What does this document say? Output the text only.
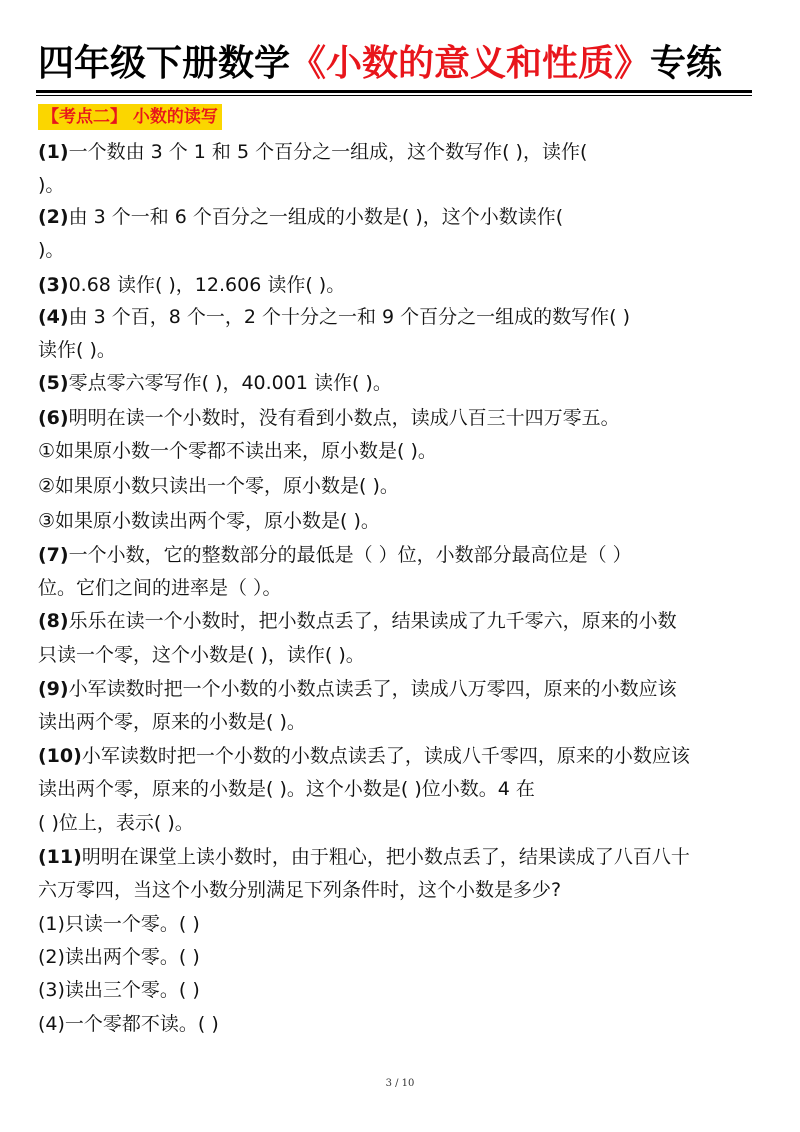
四年级下册数学《小数的意义和性质》专练
【考点二】 小数的读写
(1)一个数由 3 个 1 和 5 个百分之一组成，这个数写作( )，读作(
)。
(2)由 3 个一和 6 个百分之一组成的小数是( )，这个小数读作(
)。
(3)0.68 读作( )，12.606 读作( )。
(4)由 3 个百，8 个一，2 个十分之一和 9 个百分之一组成的数写作( )
读作( )。
(5)零点零六零写作( )，40.001 读作( )。
(6)明明在读一个小数时，没有看到小数点，读成八百三十四万零五。
①如果原小数一个零都不读出来，原小数是( )。
②如果原小数只读出一个零，原小数是( )。
③如果原小数读出两个零，原小数是( )。
(7)一个小数，它的整数部分的最低是（ ）位，小数部分最高位是（ ）
位。它们之间的进率是（ ）。
(8)乐乐在读一个小数时，把小数点丢了，结果读成了九千零六，原来的小数
只读一个零，这个小数是( )，读作( )。
(9)小军读数时把一个小数的小数点读丢了，读成八万零四，原来的小数应该
读出两个零，原来的小数是( )。
(10)小军读数时把一个小数的小数点读丢了，读成八千零四，原来的小数应该
读出两个零，原来的小数是( )。这个小数是( )位小数。4 在
( )位上，表示( )。
(11)明明在课堂上读小数时，由于粗心，把小数点丢了，结果读成了八百八十
六万零四，当这个小数分别满足下列条件时，这个小数是多少?
(1)只读一个零。( )
(2)读出两个零。( )
(3)读出三个零。( )
(4)一个零都不读。( )
3 / 10
